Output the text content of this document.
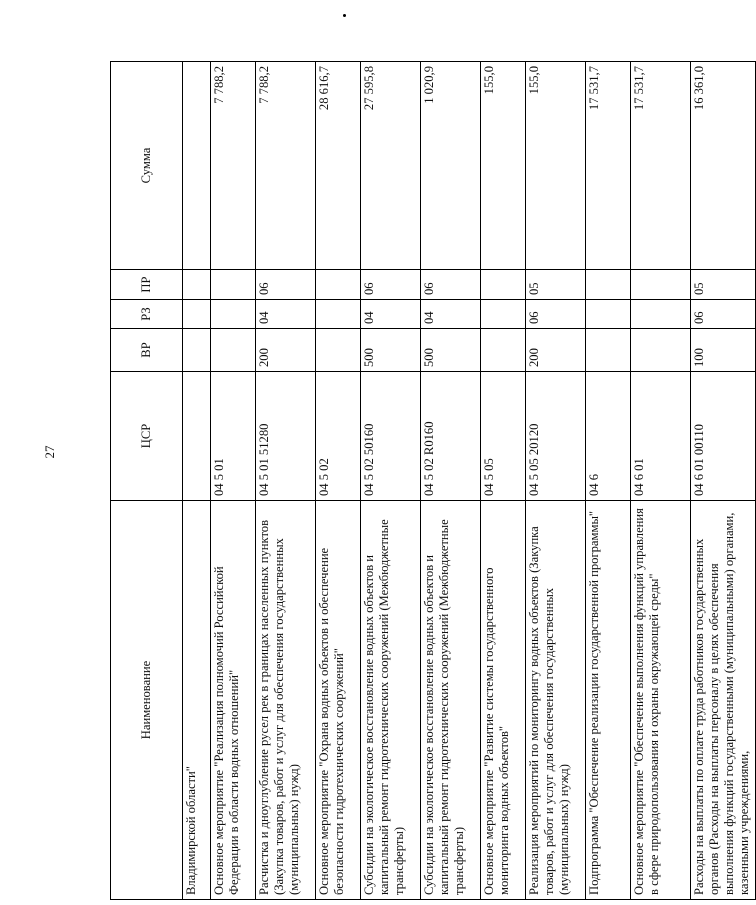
27
Наименование	ЦСР	ВР	РЗ	ПР	Сумма
Владимирской области"					
Основное мероприятие "Реализация полномочий Российской Федерации в области водных отношений"	04 5 01				7 788,2
Расчистка и дноуглубление русел рек в границах населенных пунктов (Закупка товаров, работ и услуг для обеспечения государственных (муниципальных) нужд)	04 5 01 51280	200	04	06	7 788,2
Основное мероприятие "Охрана водных объектов и обеспечение безопасности гидротехнических сооружений"	04 5 02				28 616,7
Субсидии на экологическое восстановление водных объектов и капитальный ремонт гидротехнических сооружений (Межбюджетные трансферты)	04 5 02 50160	500	04	06	27 595,8
Субсидии на экологическое восстановление водных объектов и капитальный ремонт гидротехнических сооружений (Межбюджетные трансферты)	04 5 02 R0160	500	04	06	1 020,9
Основное мероприятие "Развитие системы государственного мониторинга водных объектов"	04 5 05				155,0
Реализация мероприятий по мониторингу водных объектов (Закупка товаров, работ и услуг для обеспечения государственных (муниципальных) нужд)	04 5 05 20120	200	06	05	155,0
Подпрограмма "Обеспечение реализации государственной программы"	04 6				17 531,7
Основное мероприятие "Обеспечение выполнения функций управления в сфере природопользования и охраны окружающей среды"	04 6 01				17 531,7
Расходы на выплаты по оплате труда работников государственных органов (Расходы на выплаты персоналу в целях обеспечения выполнения функций государственными (муниципальными) органами, казенными учреждениями,	04 6 01 00110	100	06	05	16 361,0
